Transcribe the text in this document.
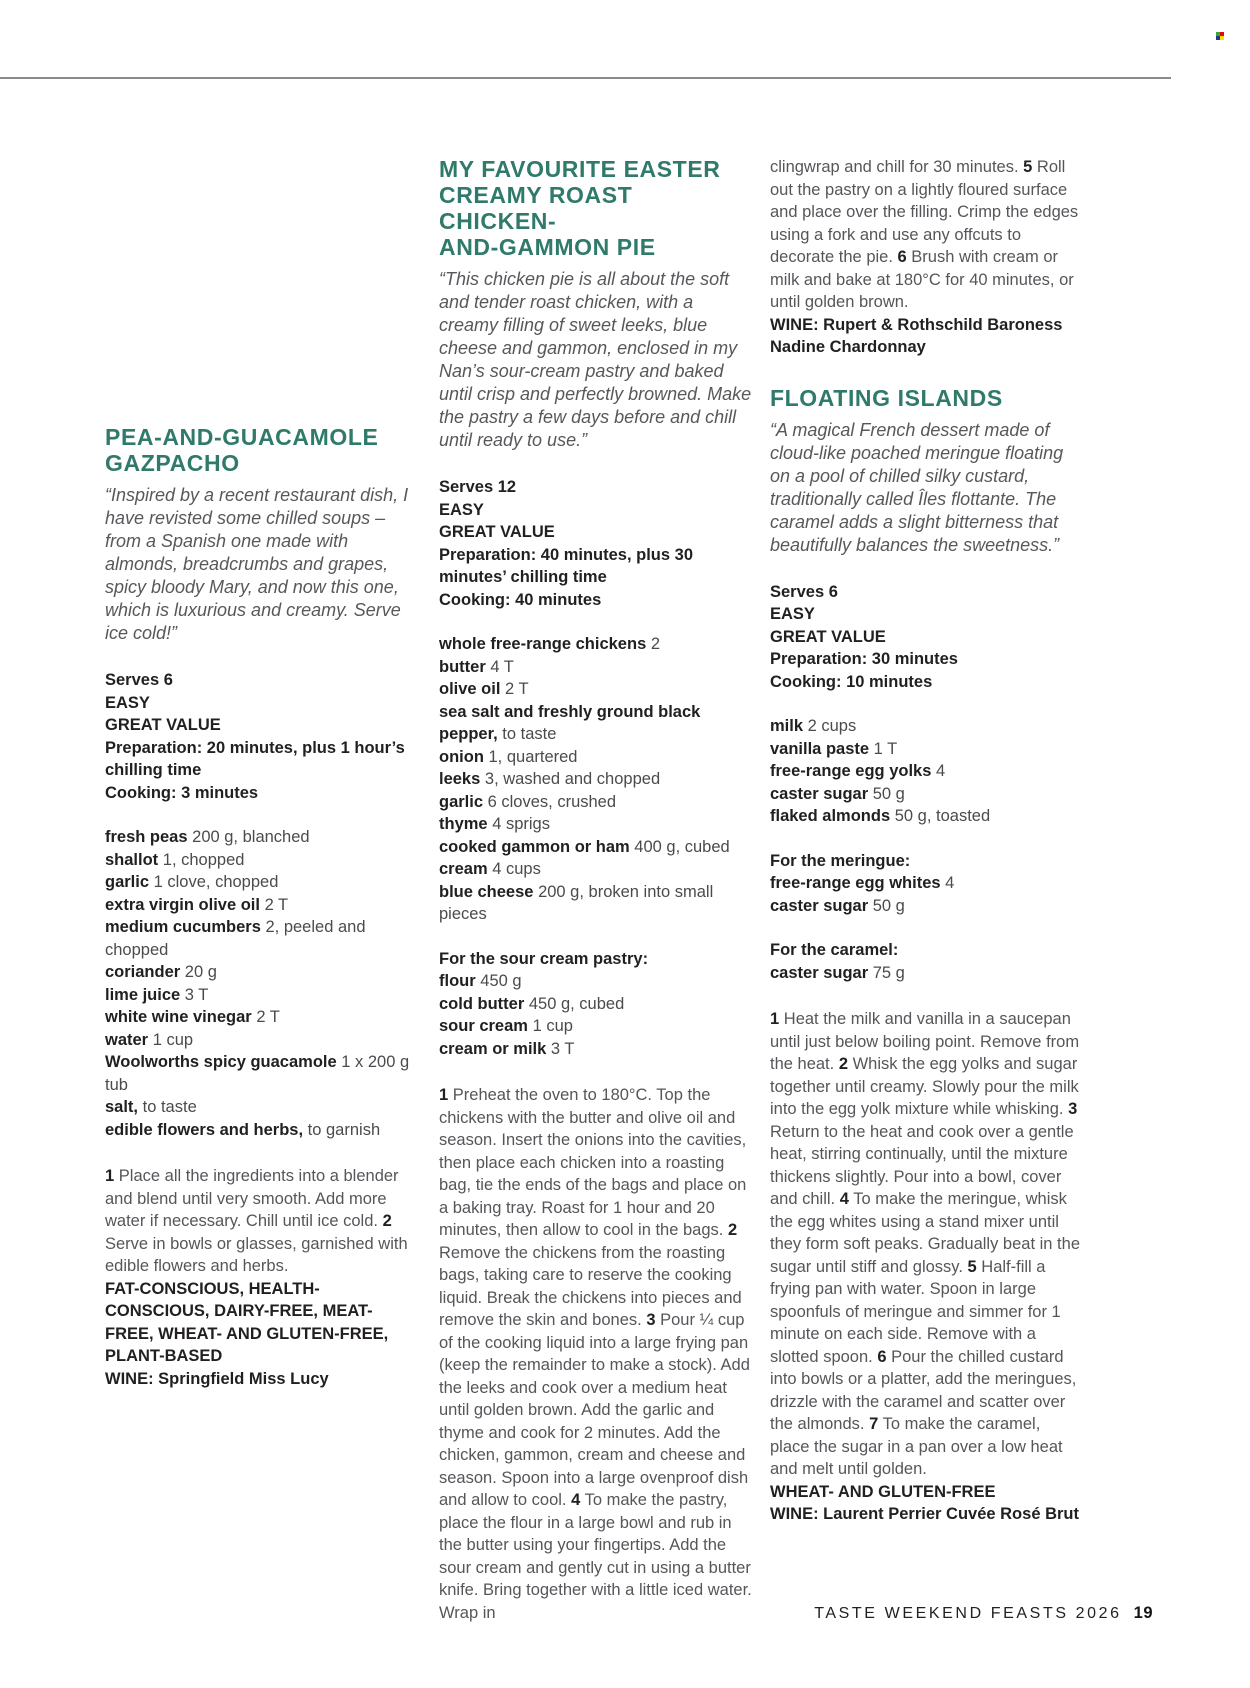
PEA-AND-GUACAMOLE
GAZPACHO

“Inspired by a recent restaurant dish, I have revisted some chilled soups – from a Spanish one made with almonds, breadcrumbs and grapes, spicy bloody Mary, and now this one, which is luxurious and creamy. Serve ice cold!”

Serves 6
EASY
GREAT VALUE
Preparation: 20 minutes, plus 1 hour’s chilling time
Cooking: 3 minutes
fresh peas 200 g, blanched
shallot 1, chopped
garlic 1 clove, chopped
extra virgin olive oil 2 T
medium cucumbers 2, peeled and chopped
coriander 20 g
lime juice 3 T
white wine vinegar 2 T
water 1 cup
Woolworths spicy guacamole 1 x 200 g tub
salt, to taste
edible flowers and herbs, to garnish

1 Place all the ingredients into a blender and blend until very smooth. Add more water if necessary. Chill until ice cold. 2 Serve in bowls or glasses, garnished with edible flowers and herbs.

FAT-CONSCIOUS, HEALTH-CONSCIOUS, DAIRY-FREE, MEAT-FREE, WHEAT- AND GLUTEN-FREE, PLANT-BASED

WINE: Springfield Miss Lucy

MY FAVOURITE EASTER
CREAMY ROAST CHICKEN-
AND-GAMMON PIE

“This chicken pie is all about the soft and tender roast chicken, with a creamy filling of sweet leeks, blue cheese and gammon, enclosed in my Nan’s sour-cream pastry and baked until crisp and perfectly browned. Make the pastry a few days before and chill until ready to use.”

Serves 12
EASY
GREAT VALUE
Preparation: 40 minutes, plus 30 minutes’ chilling time
Cooking: 40 minutes
whole free-range chickens 2
butter 4 T
olive oil 2 T
sea salt and freshly ground black pepper, to taste
onion 1, quartered
leeks 3, washed and chopped
garlic 6 cloves, crushed
thyme 4 sprigs
cooked gammon or ham 400 g, cubed
cream 4 cups
blue cheese 200 g, broken into small pieces
For the sour cream pastry:
flour 450 g
cold butter 450 g, cubed
sour cream 1 cup
cream or milk 3 T

1 Preheat the oven to 180°C. Top the chickens with the butter and olive oil and season. Insert the onions into the cavities, then place each chicken into a roasting bag, tie the ends of the bags and place on a baking tray. Roast for 1 hour and 20 minutes, then allow to cool in the bags. 2 Remove the chickens from the roasting bags, taking care to reserve the cooking liquid. Break the chickens into pieces and remove the skin and bones. 3 Pour ¼ cup of the cooking liquid into a large frying pan (keep the remainder to make a stock). Add the leeks and cook over a medium heat until golden brown. Add the garlic and thyme and cook for 2 minutes. Add the chicken, gammon, cream and cheese and season. Spoon into a large ovenproof dish and allow to cool. 4 To make the pastry, place the flour in a large bowl and rub in the butter using your fingertips. Add the sour cream and gently cut in using a butter knife. Bring together with a little iced water. Wrap in

clingwrap and chill for 30 minutes. 5 Roll out the pastry on a lightly floured surface and place over the filling. Crimp the edges using a fork and use any offcuts to decorate the pie. 6 Brush with cream or milk and bake at 180°C for 40 minutes, or until golden brown.

WINE: Rupert & Rothschild Baroness Nadine Chardonnay

FLOATING ISLANDS

“A magical French dessert made of cloud-like poached meringue floating on a pool of chilled silky custard, traditionally called Îles flottante. The caramel adds a slight bitterness that beautifully balances the sweetness.”

Serves 6
EASY
GREAT VALUE
Preparation: 30 minutes
Cooking: 10 minutes
milk 2 cups
vanilla paste 1 T
free-range egg yolks 4
caster sugar 50 g
flaked almonds 50 g, toasted
For the meringue:
free-range egg whites 4
caster sugar 50 g
For the caramel:
caster sugar 75 g

1 Heat the milk and vanilla in a saucepan until just below boiling point. Remove from the heat. 2 Whisk the egg yolks and sugar together until creamy. Slowly pour the milk into the egg yolk mixture while whisking. 3 Return to the heat and cook over a gentle heat, stirring continually, until the mixture thickens slightly. Pour into a bowl, cover and chill. 4 To make the meringue, whisk the egg whites using a stand mixer until they form soft peaks. Gradually beat in the sugar until stiff and glossy. 5 Half-fill a frying pan with water. Spoon in large spoonfuls of meringue and simmer for 1 minute on each side. Remove with a slotted spoon. 6 Pour the chilled custard into bowls or a platter, add the meringues, drizzle with the caramel and scatter over the almonds. 7 To make the caramel, place the sugar in a pan over a low heat and melt until golden.

WHEAT- AND GLUTEN-FREE

WINE: Laurent Perrier Cuvée Rosé Brut

TASTE WEEKEND FEASTS 2026 19
